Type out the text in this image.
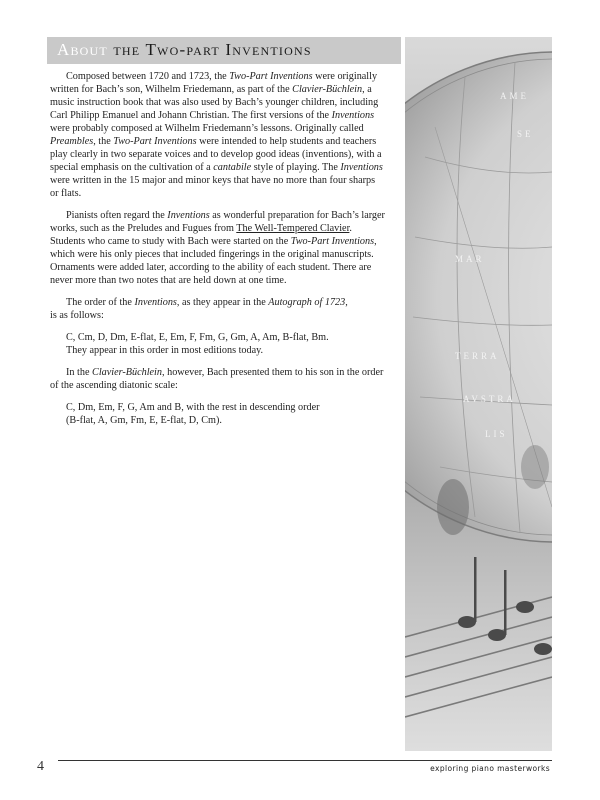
AME
SE
MAR
TERRA
AVSTRA
LIS
About the Two-part Inventions

Composed between 1720 and 1723, the Two-Part Inventions were originally
written for Bach’s son, Wilhelm Friedemann, as part of the Clavier-Büchlein, a
music instruction book that was also used by Bach’s younger children, including
Carl Philipp Emanuel and Johann Christian. The first versions of the Inventions
were probably composed at Wilhelm Friedemann’s lessons. Originally called
Preambles, the Two-Part Inventions were intended to help students and teachers
play clearly in two separate voices and to develop good ideas (inventions), with a
special emphasis on the cultivation of a cantabile style of playing. The Inventions
were written in the 15 major and minor keys that have no more than four sharps
or flats.

Pianists often regard the Inventions as wonderful preparation for Bach’s larger
works, such as the Preludes and Fugues from The Well-Tempered Clavier.
Students who came to study with Bach were started on the Two-Part Inventions,
which were his only pieces that included fingerings in the original manuscripts.
Ornaments were added later, according to the ability of each student. There are
never more than two notes that are held down at one time.

The order of the Inventions, as they appear in the Autograph of 1723,
is as follows:

C, Cm, D, Dm, E-flat, E, Em, F, Fm, G, Gm, A, Am, B-flat, Bm.
They appear in this order in most editions today.

In the Clavier-Büchlein, however, Bach presented them to his son in the order
of the ascending diatonic scale:

C, Dm, Em, F, G, Am and B, with the rest in descending order
(B-flat, A, Gm, Fm, E, E-flat, D, Cm).

4	exploring piano masterworks
